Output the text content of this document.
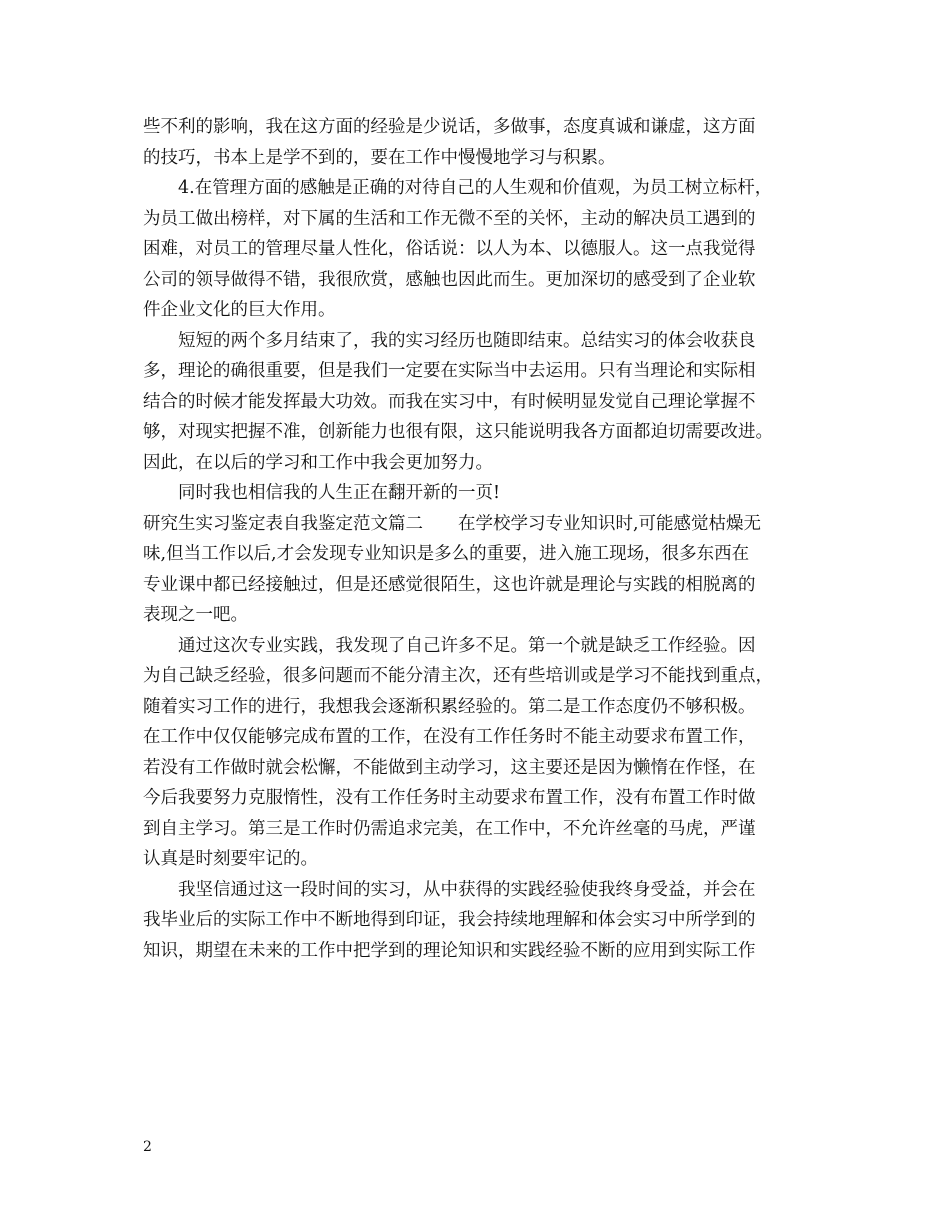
些不利的影响，我在这方面的经验是少说话，多做事，态度真诚和谦虚，这方面
的技巧，书本上是学不到的，要在工作中慢慢地学习与积累。
4.在管理方面的感触是正确的对待自己的人生观和价值观，为员工树立标杆，
为员工做出榜样，对下属的生活和工作无微不至的关怀，主动的解决员工遇到的
困难，对员工的管理尽量人性化，俗话说：以人为本、以德服人。这一点我觉得
公司的领导做得不错，我很欣赏，感触也因此而生。更加深切的感受到了企业软
件企业文化的巨大作用。
短短的两个多月结束了，我的实习经历也随即结束。总结实习的体会收获良
多，理论的确很重要，但是我们一定要在实际当中去运用。只有当理论和实际相
结合的时候才能发挥最大功效。而我在实习中，有时候明显发觉自己理论掌握不
够，对现实把握不准，创新能力也很有限，这只能说明我各方面都迫切需要改进。
因此，在以后的学习和工作中我会更加努力。
同时我也相信我的人生正在翻开新的一页!
研究生实习鉴定表自我鉴定范文篇二　　在学校学习专业知识时,可能感觉枯燥无
味,但当工作以后,才会发现专业知识是多么的重要，进入施工现场，很多东西在
专业课中都已经接触过，但是还感觉很陌生，这也许就是理论与实践的相脱离的
表现之一吧。
通过这次专业实践，我发现了自己许多不足。第一个就是缺乏工作经验。因
为自己缺乏经验，很多问题而不能分清主次，还有些培训或是学习不能找到重点，
随着实习工作的进行，我想我会逐渐积累经验的。第二是工作态度仍不够积极。
在工作中仅仅能够完成布置的工作，在没有工作任务时不能主动要求布置工作，
若没有工作做时就会松懈，不能做到主动学习，这主要还是因为懒惰在作怪，在
今后我要努力克服惰性，没有工作任务时主动要求布置工作，没有布置工作时做
到自主学习。第三是工作时仍需追求完美，在工作中，不允许丝毫的马虎，严谨
认真是时刻要牢记的。
我坚信通过这一段时间的实习，从中获得的实践经验使我终身受益，并会在
我毕业后的实际工作中不断地得到印证，我会持续地理解和体会实习中所学到的
知识，期望在未来的工作中把学到的理论知识和实践经验不断的应用到实际工作
2
